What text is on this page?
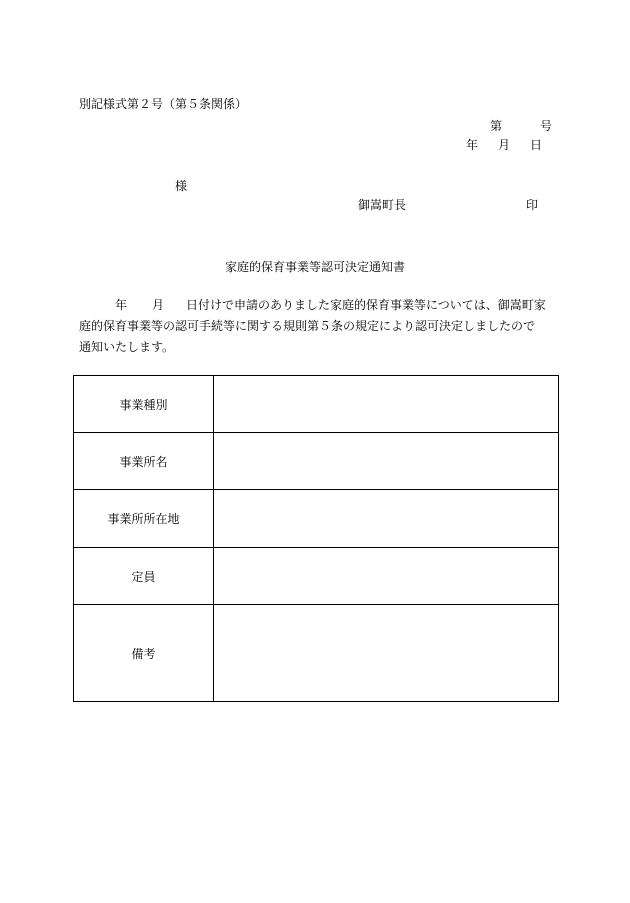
別記様式第２号（第５条関係）
第	号
年 月 日
様
御嵩町長	印
家庭的保育事業等認可決定通知書
年 月 日付けで申請のありました家庭的保育事業等については、御嵩町家
庭的保育事業等の認可手続等に関する規則第５条の規定により認可決定しましたので
通知いたします。
事業種別	
事業所名	
事業所所在地	
定員	
備考	
